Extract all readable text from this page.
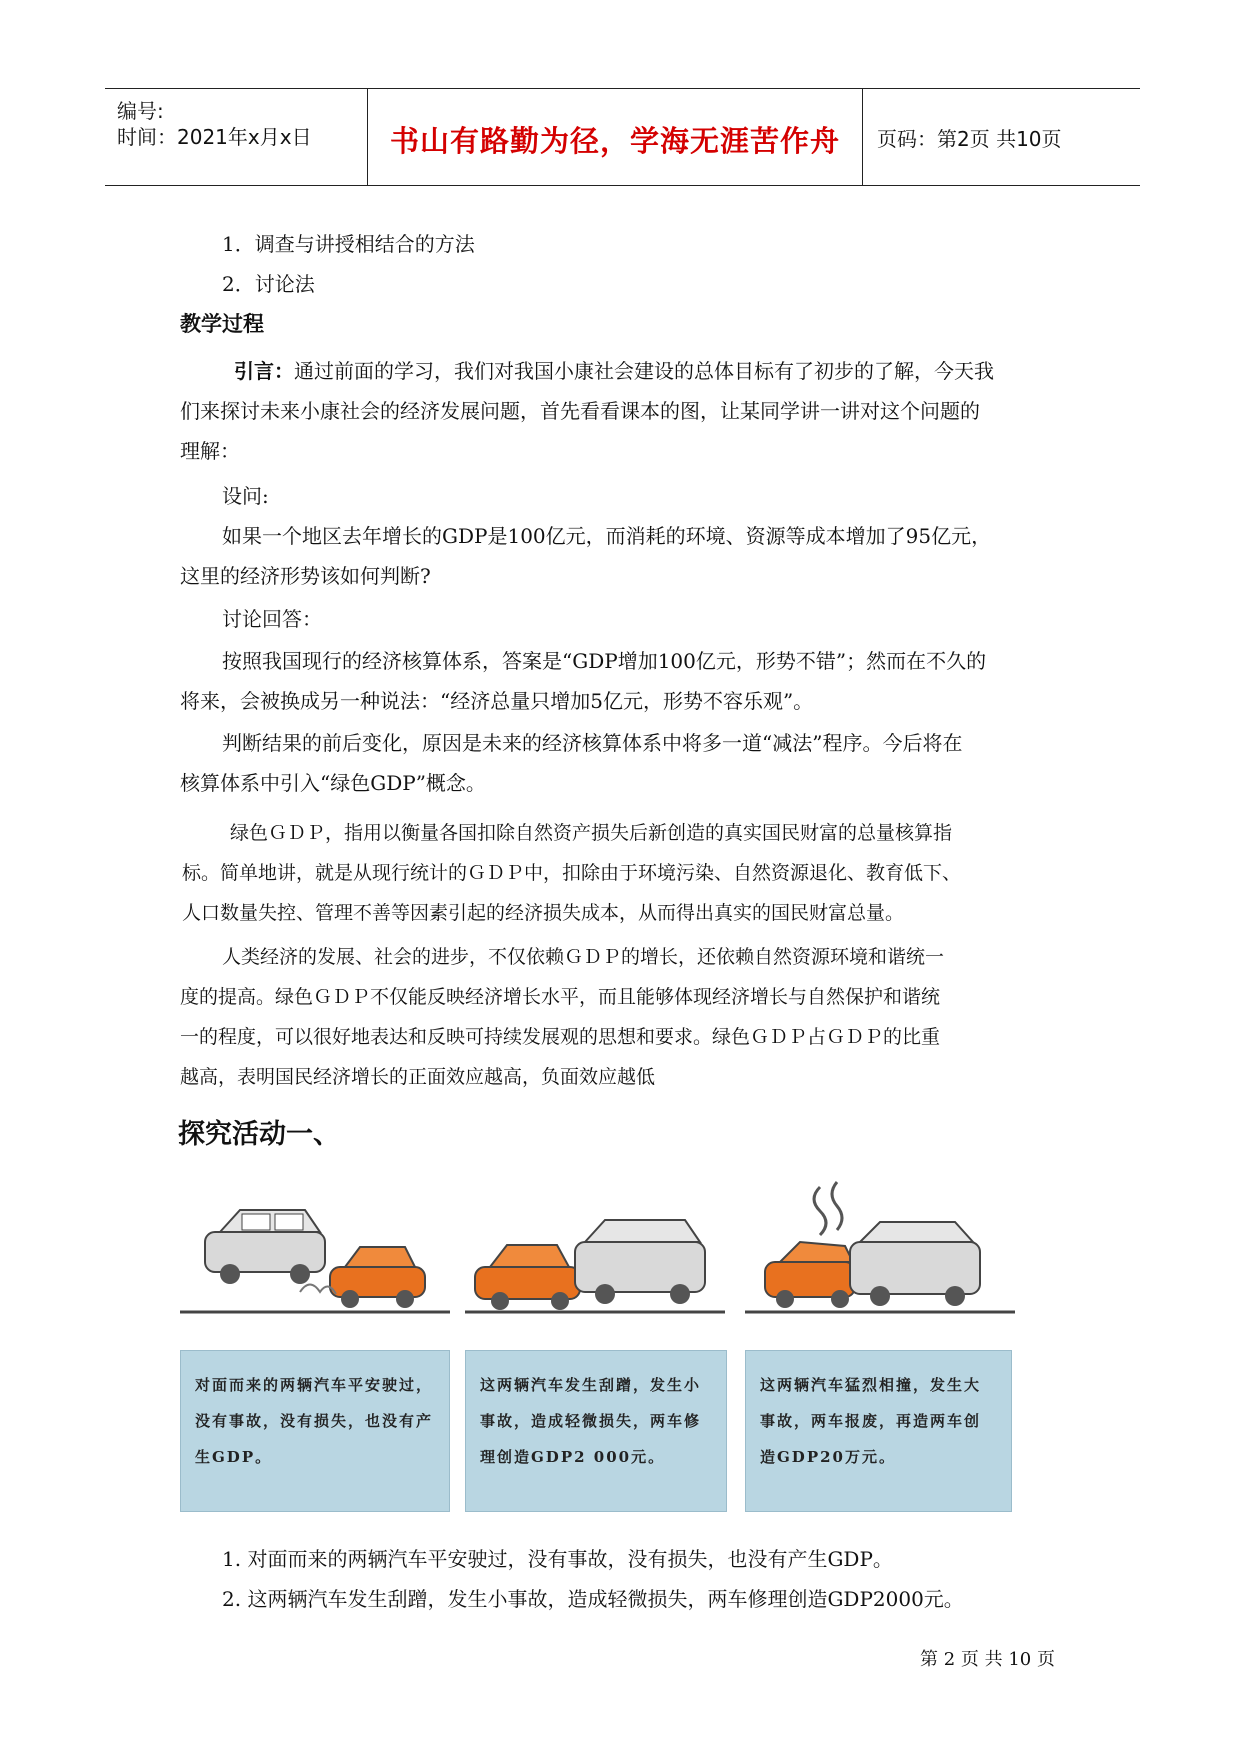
编号:
时间：2021年x月x日	书山有路勤为径，学海无涯苦作舟	页码：第2页 共10页
1．调查与讲授相结合的方法
2．讨论法
教学过程
引言：通过前面的学习，我们对我国小康社会建设的总体目标有了初步的了解，今天我
们来探讨未来小康社会的经济发展问题，首先看看课本的图，让某同学讲一讲对这个问题的
理解：
设问:
如果一个地区去年增长的GDP是100亿元，而消耗的环境、资源等成本增加了95亿元，
这里的经济形势该如何判断?
讨论回答：
按照我国现行的经济核算体系，答案是“GDP增加100亿元，形势不错”；然而在不久的
将来，会被换成另一种说法：“经济总量只增加5亿元，形势不容乐观”。
判断结果的前后变化，原因是未来的经济核算体系中将多一道“减法”程序。今后将在
核算体系中引入“绿色GDP”概念。
绿色ＧＤＰ，指用以衡量各国扣除自然资产损失后新创造的真实国民财富的总量核算指
标。简单地讲，就是从现行统计的ＧＤＰ中，扣除由于环境污染、自然资源退化、教育低下、
人口数量失控、管理不善等因素引起的经济损失成本，从而得出真实的国民财富总量。
人类经济的发展、社会的进步，不仅依赖ＧＤＰ的增长，还依赖自然资源环境和谐统一
度的提高。绿色ＧＤＰ不仅能反映经济增长水平，而且能够体现经济增长与自然保护和谐统
一的程度，可以很好地表达和反映可持续发展观的思想和要求。绿色ＧＤＰ占ＧＤＰ的比重
越高，表明国民经济增长的正面效应越高，负面效应越低
探究活动一、
对面而来的两辆汽车平安驶过，没有事故，没有损失，也没有产生GDP。
这两辆汽车发生刮蹭，发生小事故，造成轻微损失，两车修理创造GDP2 000元。
这两辆汽车猛烈相撞，发生大事故，两车报废，再造两车创造GDP20万元。
1. 对面而来的两辆汽车平安驶过，没有事故，没有损失，也没有产生GDP。
2. 这两辆汽车发生刮蹭，发生小事故，造成轻微损失，两车修理创造GDP2000元。
第 2 页 共 10 页
